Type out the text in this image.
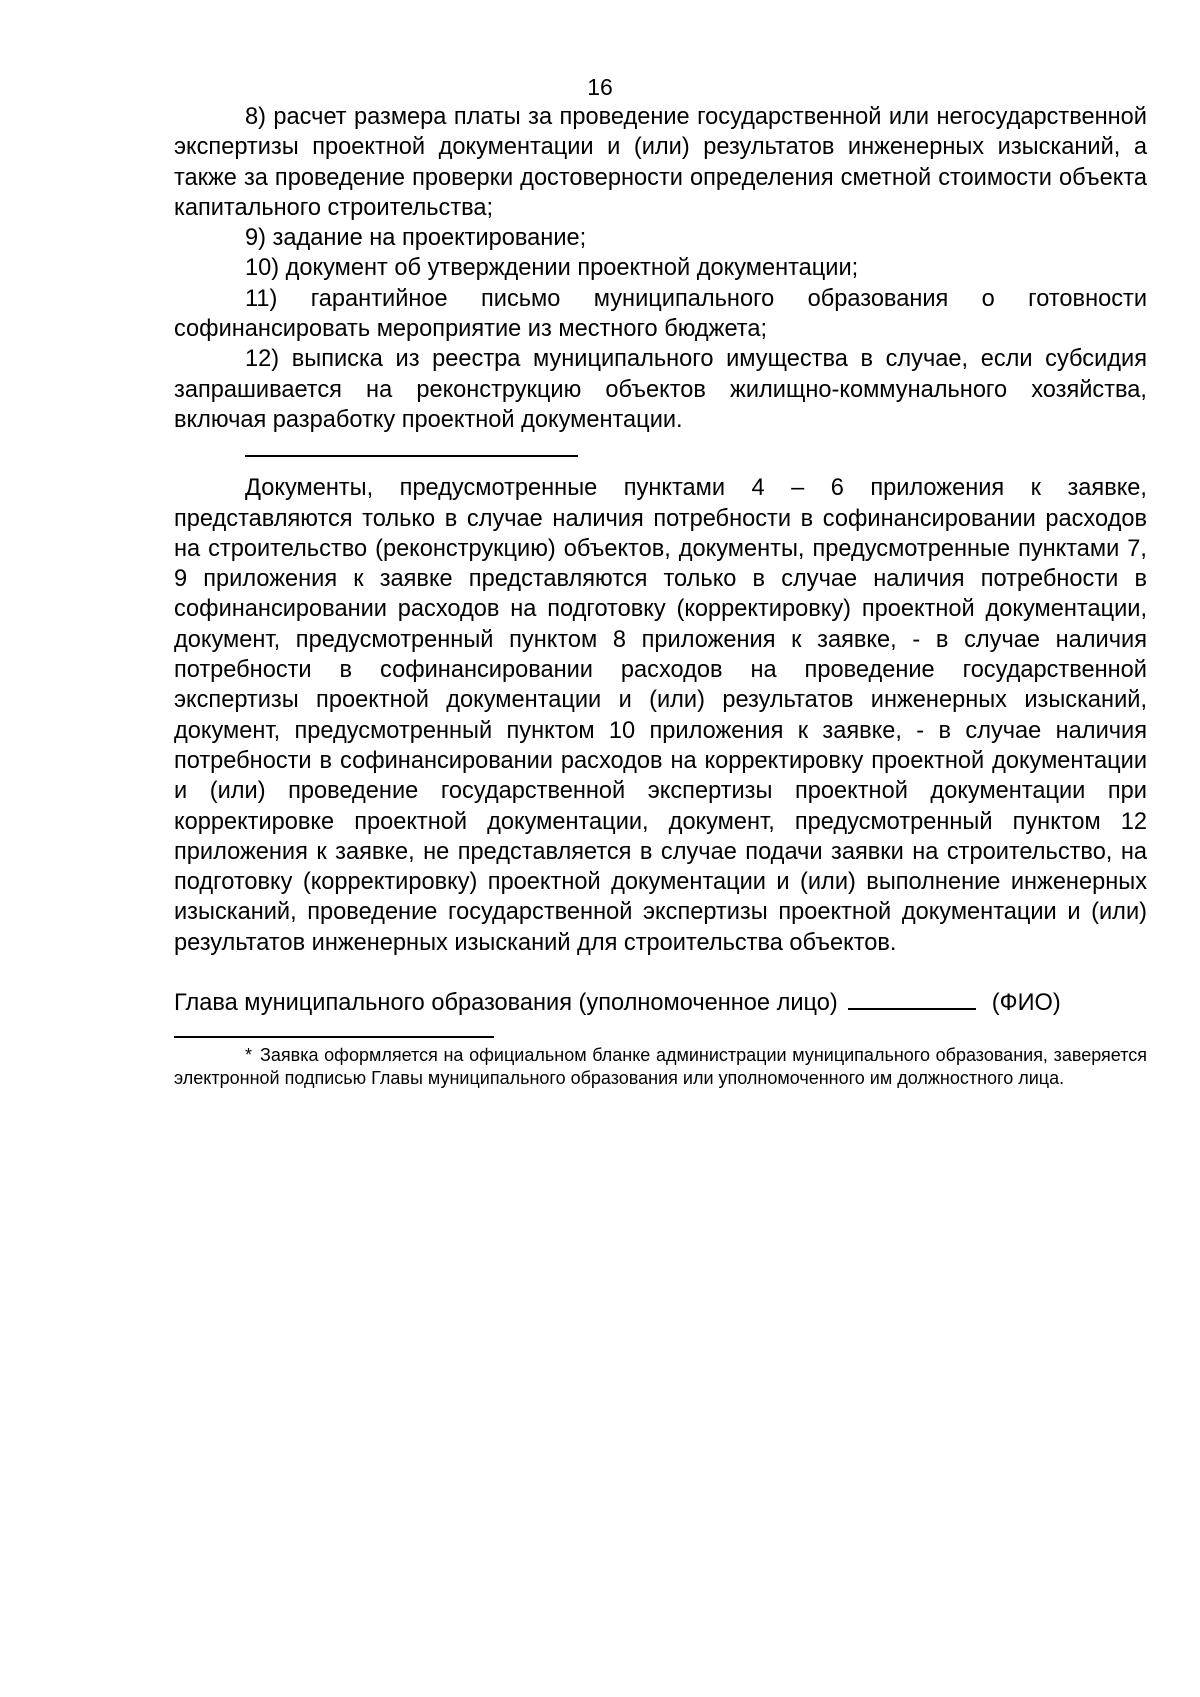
16

8) расчет размера платы за проведение государственной или негосударственной экспертизы проектной документации и (или) результатов инженерных изысканий, а также за проведение проверки достоверности определения сметной стоимости объекта капитального строительства;

9) задание на проектирование;

10) документ об утверждении проектной документации;

11) гарантийное письмо муниципального образования о готовности софинансировать мероприятие из местного бюджета;

12) выписка из реестра муниципального имущества в случае, если субсидия запрашивается на реконструкцию объектов жилищно-коммунального хозяйства, включая разработку проектной документации.

Документы, предусмотренные пунктами 4 – 6 приложения к заявке, представляются только в случае наличия потребности в софинансировании расходов на строительство (реконструкцию) объектов, документы, предусмотренные пунктами 7, 9 приложения к заявке представляются только в случае наличия потребности в софинансировании расходов на подготовку (корректировку) проектной документации, документ, предусмотренный пунктом 8 приложения к заявке, - в случае наличия потребности в софинансировании расходов на проведение государственной экспертизы проектной документации и (или) результатов инженерных изысканий, документ, предусмотренный пунктом 10 приложения к заявке, - в случае наличия потребности в софинансировании расходов на корректировку проектной документации и (или) проведение государственной экспертизы проектной документации при корректировке проектной документации, документ, предусмотренный пунктом 12 приложения к заявке, не представляется в случае подачи заявки на строительство, на подготовку (корректировку) проектной документации и (или) выполнение инженерных изысканий, проведение государственной экспертизы проектной документации и (или) результатов инженерных изысканий для строительства объектов.

Глава муниципального образования (уполномоченное лицо)	(ФИО)

* Заявка оформляется на официальном бланке администрации муниципального образования, заверяется электронной подписью Главы муниципального образования или уполномоченного им должностного лица.
